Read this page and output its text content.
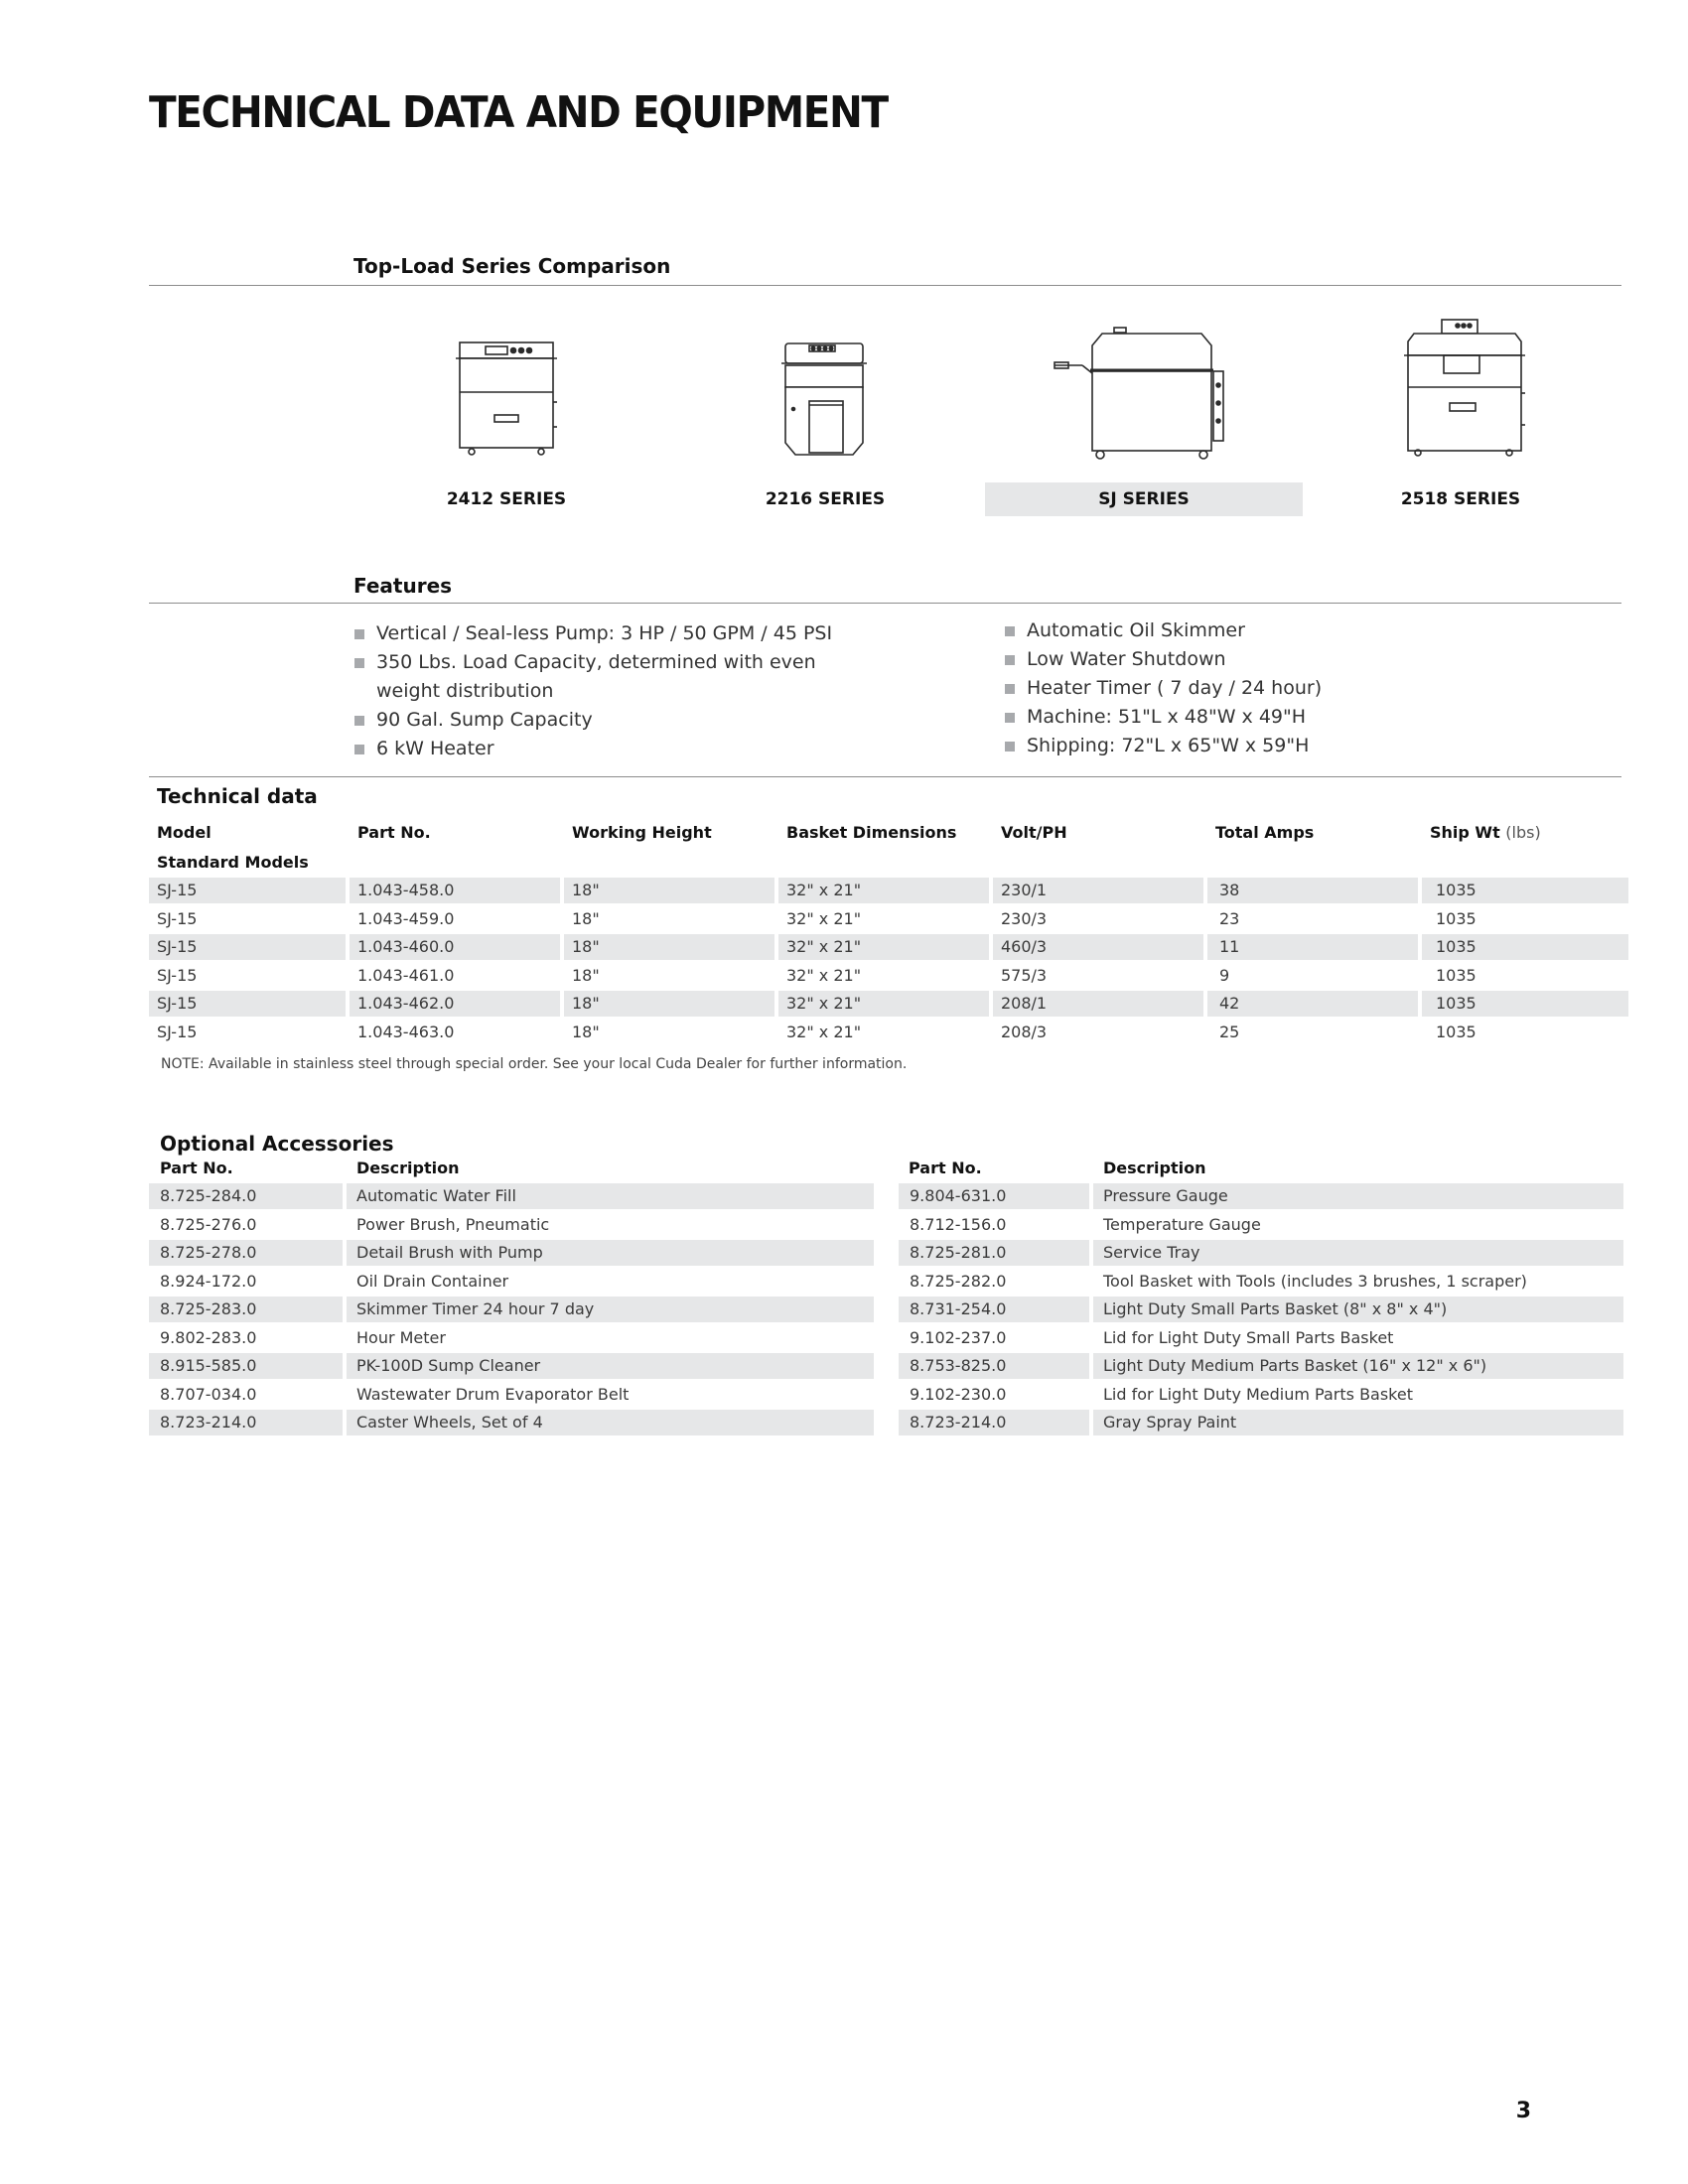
TECHNICAL DATA AND EQUIPMENT
Top-Load Series Comparison
2412 SERIES	2216 SERIES	SJ SERIES	2518 SERIES
Features
Vertical / Seal-less Pump: 3 HP / 50 GPM / 45 PSI
350 Lbs. Load Capacity, determined with even
weight distribution
90 Gal. Sump Capacity
6 kW Heater
Automatic Oil Skimmer
Low Water Shutdown
Heater Timer ( 7 day / 24 hour)
Machine: 51"L x 48"W x 49"H
Shipping: 72"L x 65"W x 59"H
Technical data
Model	Part No.	Working Height	Basket Dimensions	Volt/PH	Total Amps	Ship Wt (lbs)
Standard Models
SJ-15	1.043-458.0	18"	32" x 21"	230/1	38	1035
SJ-15	1.043-459.0	18"	32" x 21"	230/3	23	1035
SJ-15	1.043-460.0	18"	32" x 21"	460/3	11	1035
SJ-15	1.043-461.0	18"	32" x 21"	575/3	9	1035
SJ-15	1.043-462.0	18"	32" x 21"	208/1	42	1035
SJ-15	1.043-463.0	18"	32" x 21"	208/3	25	1035
NOTE: Available in stainless steel through special order. See your local Cuda Dealer for further information.
Optional Accessories
Part No.	Description
8.725-284.0	Automatic Water Fill
8.725-276.0	Power Brush, Pneumatic
8.725-278.0	Detail Brush with Pump
8.924-172.0	Oil Drain Container
8.725-283.0	Skimmer Timer 24 hour 7 day
9.802-283.0	Hour Meter
8.915-585.0	PK-100D Sump Cleaner
8.707-034.0	Wastewater Drum Evaporator Belt
8.723-214.0	Caster Wheels, Set of 4
Part No.	Description
9.804-631.0	Pressure Gauge
8.712-156.0	Temperature Gauge
8.725-281.0	Service Tray
8.725-282.0	Tool Basket with Tools (includes 3 brushes, 1 scraper)
8.731-254.0	Light Duty Small Parts Basket (8" x 8" x 4")
9.102-237.0	Lid for Light Duty Small Parts Basket
8.753-825.0	Light Duty Medium Parts Basket (16" x 12" x 6")
9.102-230.0	Lid for Light Duty Medium Parts Basket
8.723-214.0	Gray Spray Paint
3
